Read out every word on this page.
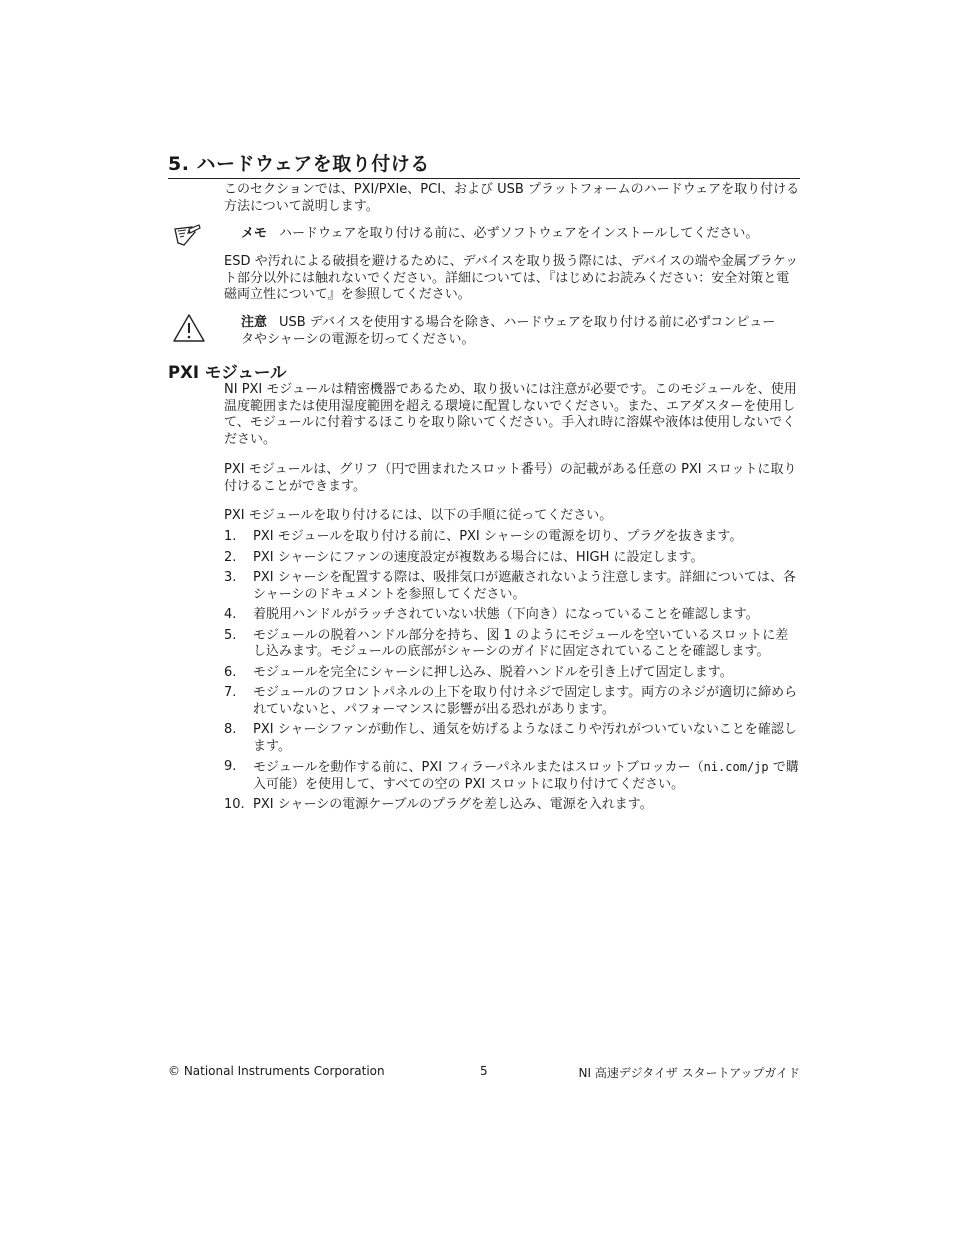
5. ハードウェアを取り付ける
このセクションでは、PXI/PXIe、PCI、および USB プラットフォームのハードウェアを取り付ける方法について説明します。
メモ ハードウェアを取り付ける前に、必ずソフトウェアをインストールしてください。
ESD や汚れによる破損を避けるために、デバイスを取り扱う際には、デバイスの端や金属ブラケット部分以外には触れないでください。詳細については、『はじめにお読みください：安全対策と電磁両立性について』を参照してください。
注意 USB デバイスを使用する場合を除き、ハードウェアを取り付ける前に必ずコンピュータやシャーシの電源を切ってください。
PXI モジュール
NI PXI モジュールは精密機器であるため、取り扱いには注意が必要です。このモジュールを、使用温度範囲または使用湿度範囲を超える環境に配置しないでください。また、エアダスターを使用して、モジュールに付着するほこりを取り除いてください。手入れ時に溶媒や液体は使用しないでください。
PXI モジュールは、グリフ（円で囲まれたスロット番号）の記載がある任意の PXI スロットに取り付けることができます。
PXI モジュールを取り付けるには、以下の手順に従ってください。
1. PXI モジュールを取り付ける前に、PXI シャーシの電源を切り、プラグを抜きます。
2. PXI シャーシにファンの速度設定が複数ある場合には、HIGH に設定します。
3. PXI シャーシを配置する際は、吸排気口が遮蔽されないよう注意します。詳細については、各シャーシのドキュメントを参照してください。
4. 着脱用ハンドルがラッチされていない状態（下向き）になっていることを確認します。
5. モジュールの脱着ハンドル部分を持ち、図 1 のようにモジュールを空いているスロットに差し込みます。モジュールの底部がシャーシのガイドに固定されていることを確認します。
6. モジュールを完全にシャーシに押し込み、脱着ハンドルを引き上げて固定します。
7. モジュールのフロントパネルの上下を取り付けネジで固定します。両方のネジが適切に締められていないと、パフォーマンスに影響が出る恐れがあります。
8. PXI シャーシファンが動作し、通気を妨げるようなほこりや汚れがついていないことを確認します。
9. モジュールを動作する前に、PXI フィラーパネルまたはスロットブロッカー（ni.com/jp で購入可能）を使用して、すべての空の PXI スロットに取り付けてください。
10. PXI シャーシの電源ケーブルのプラグを差し込み、電源を入れます。
© National Instruments Corporation	5	NI 高速デジタイザ スタートアップガイド
